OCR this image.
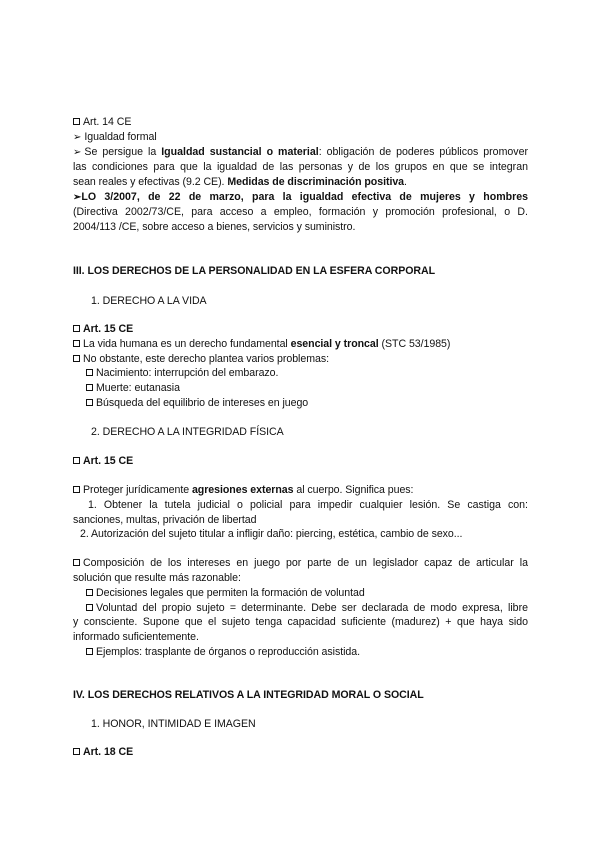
Art. 14 CE
➢ Igualdad formal
➢ Se persigue la Igualdad sustancial o material: obligación de poderes públicos promover
las condiciones para que la igualdad de las personas y de los grupos en que se integran
sean reales y efectivas (9.2 CE). Medidas de discriminación positiva.
➢LO 3/2007, de 22 de marzo, para la igualdad efectiva de mujeres y hombres
(Directiva 2002/73/CE, para acceso a empleo, formación y promoción profesional, o D.
2004/113 /CE, sobre acceso a bienes, servicios y suministro.
III. LOS DERECHOS DE LA PERSONALIDAD EN LA ESFERA CORPORAL
1. DERECHO A LA VIDA
Art. 15 CE
La vida humana es un derecho fundamental esencial y troncal (STC 53/1985)
No obstante, este derecho plantea varios problemas:
Nacimiento: interrupción del embarazo.
Muerte: eutanasia
Búsqueda del equilibrio de intereses en juego
2. DERECHO A LA INTEGRIDAD FÍSICA
Art. 15 CE
Proteger jurídicamente agresiones externas al cuerpo. Significa pues:
1. Obtener la tutela judicial o policial para impedir cualquier lesión. Se castiga con:
sanciones, multas, privación de libertad
2. Autorización del sujeto titular a infligir daño: piercing, estética, cambio de sexo...
Composición de los intereses en juego por parte de un legislador capaz de articular la
solución que resulte más razonable:
Decisiones legales que permiten la formación de voluntad
Voluntad del propio sujeto = determinante. Debe ser declarada de modo expresa, libre
y consciente. Supone que el sujeto tenga capacidad suficiente (madurez) + que haya sido
informado suficientemente.
Ejemplos: trasplante de órganos o reproducción asistida.
IV. LOS DERECHOS RELATIVOS A LA INTEGRIDAD MORAL O SOCIAL
1. HONOR, INTIMIDAD E IMAGEN
Art. 18 CE
